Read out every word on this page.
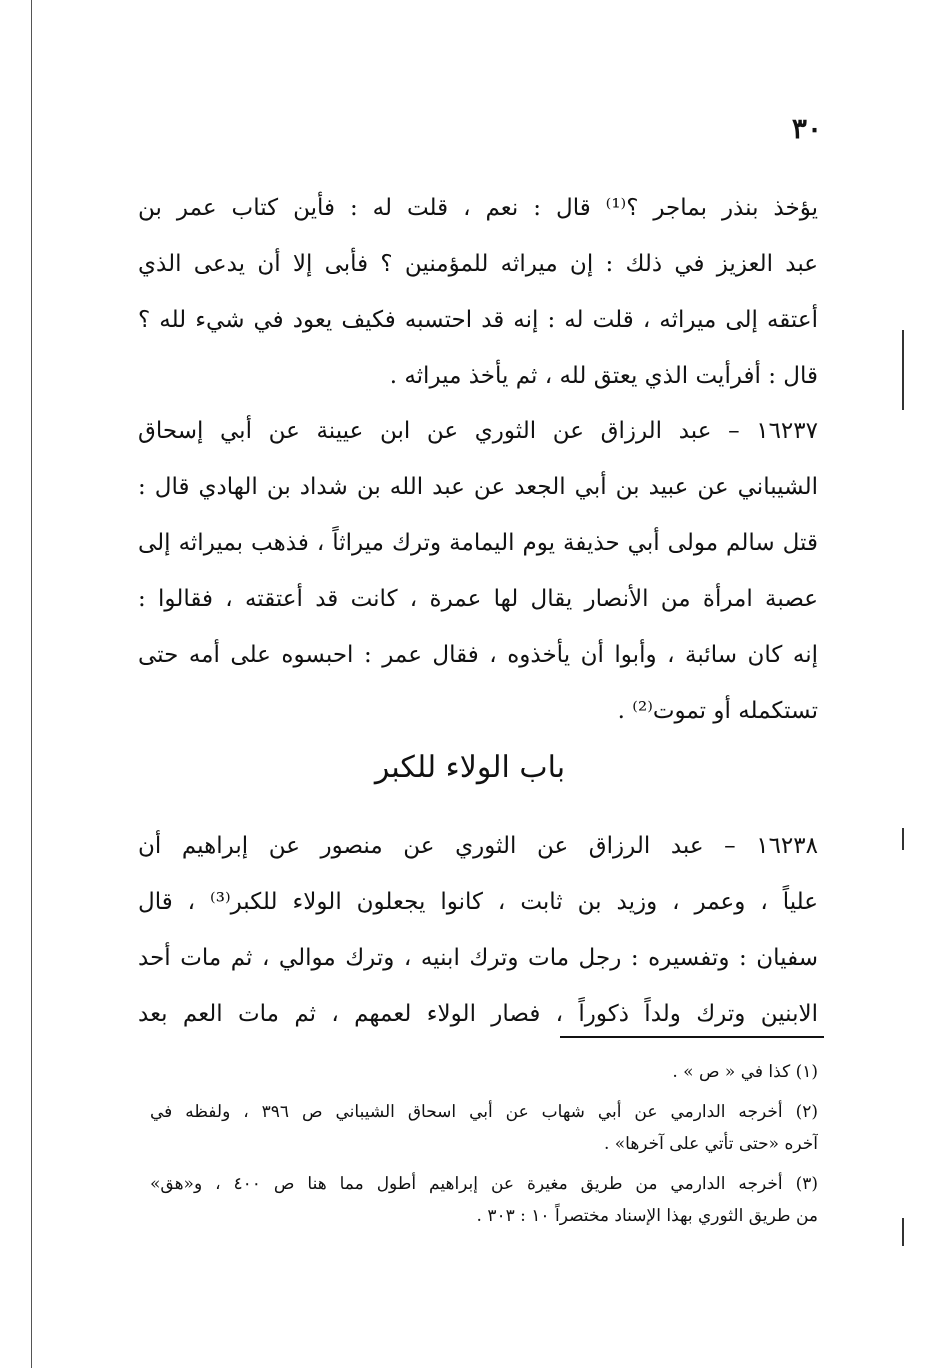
٣٠
يؤخذ بنذر بماجر ؟⁽¹⁾ قال : نعم ، قلت له : فأين كتاب عمر بن
عبد العزيز في ذلك : إن ميراثه للمؤمنين ؟ فأبى إلا أن يدعى الذي
أعتقه إلى ميراثه ، قلت له : إنه قد احتسبه فكيف يعود في شيء لله ؟
قال : أفرأيت الذي يعتق لله ، ثم يأخذ ميراثه .
١٦٢٣٧ – عبد الرزاق عن الثوري عن ابن عيينة عن أبي إسحاق
الشيباني عن عبيد بن أبي الجعد عن عبد الله بن شداد بن الهادي قال :
قتل سالم مولى أبي حذيفة يوم اليمامة وترك ميراثاً ، فذهب بميراثه إلى
عصبة امرأة من الأنصار يقال لها عمرة ، كانت قد أعتقته ، فقالوا :
إنه كان سائبة ، وأبوا أن يأخذوه ، فقال عمر : احبسوه على أمه حتى
تستكمله أو تموت⁽²⁾ .
باب الولاء للكبر
١٦٢٣٨ – عبد الرزاق عن الثوري عن منصور عن إبراهيم أن
علياً ، وعمر ، وزيد بن ثابت ، كانوا يجعلون الولاء للكبر⁽³⁾ ، قال
سفيان : وتفسيره : رجل مات وترك ابنيه ، وترك موالي ، ثم مات أحد
الابنين وترك ولداً ذكوراً ، فصار الولاء لعمهم ، ثم مات العم بعد
(١) كذا في « ص » .
(٢) أخرجه الدارمي عن أبي شهاب عن أبي اسحاق الشيباني ص ٣٩٦ ، ولفظه في
آخره «حتى تأتي على آخرها» .
(٣) أخرجه الدارمي من طريق مغيرة عن إبراهيم أطول مما هنا ص ٤٠٠ ، و«هق»
من طريق الثوري بهذا الإسناد مختصراً ١٠ : ٣٠٣ .
